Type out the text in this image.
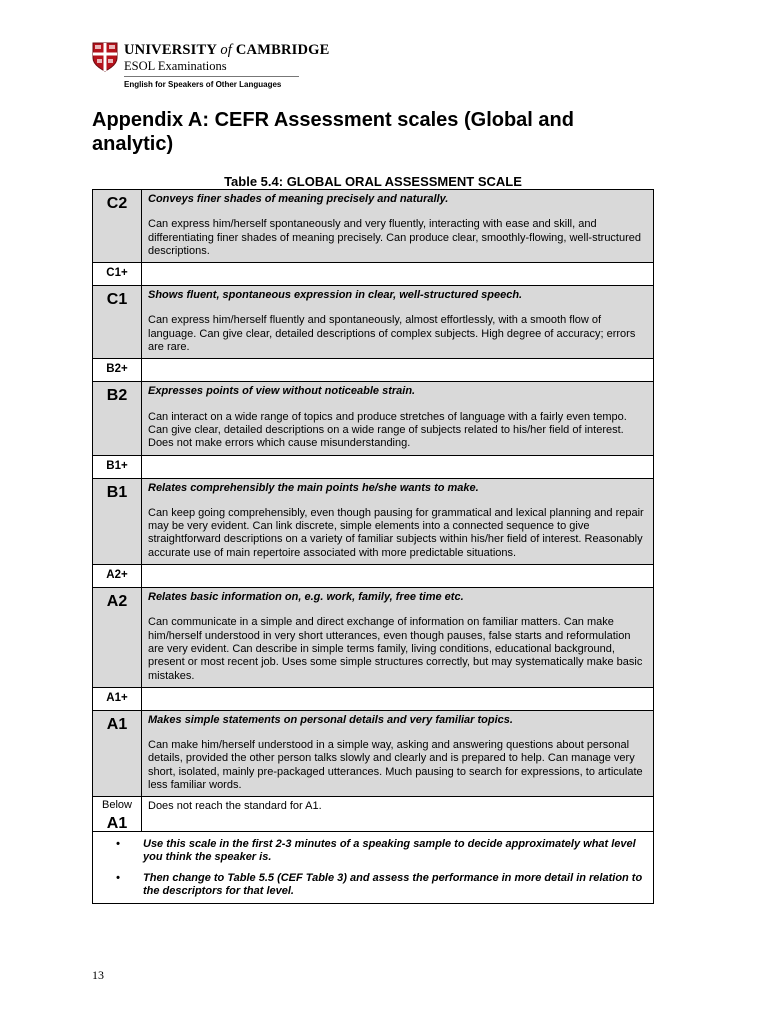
UNIVERSITY of CAMBRIDGE
ESOL Examinations
English for Speakers of Other Languages
Appendix A: CEFR Assessment scales (Global and analytic)
Table 5.4: GLOBAL ORAL ASSESSMENT SCALE
C2	Conveys finer shades of meaning precisely and naturally.
Can express him/herself spontaneously and very fluently, interacting with ease and skill, and differentiating finer shades of meaning precisely. Can produce clear, smoothly-flowing, well-structured descriptions.

C1+	
C1	Shows fluent, spontaneous expression in clear, well-structured speech.
Can express him/herself fluently and spontaneously, almost effortlessly, with a smooth flow of language. Can give clear, detailed descriptions of complex subjects. High degree of accuracy; errors are rare.

B2+	
B2	Expresses points of view without noticeable strain.
Can interact on a wide range of topics and produce stretches of language with a fairly even tempo. Can give clear, detailed descriptions on a wide range of subjects related to his/her field of interest. Does not make errors which cause misunderstanding.

B1+	
B1	Relates comprehensibly the main points he/she wants to make.
Can keep going comprehensibly, even though pausing for grammatical and lexical planning and repair may be very evident. Can link discrete, simple elements into a connected sequence to give straightforward descriptions on a variety of familiar subjects within his/her field of interest. Reasonably accurate use of main repertoire associated with more predictable situations.

A2+	
A2	Relates basic information on, e.g. work, family, free time etc.
Can communicate in a simple and direct exchange of information on familiar matters. Can make him/herself understood in very short utterances, even though pauses, false starts and reformulation are very evident. Can describe in simple terms family, living conditions, educational background, present or most recent job. Uses some simple structures correctly, but may systematically make basic mistakes.

A1+	
A1	Makes simple statements on personal details and very familiar topics.
Can make him/herself understood in a simple way, asking and answering questions about personal details, provided the other person talks slowly and clearly and is prepared to help. Can manage very short, isolated, mainly pre-packaged utterances. Much pausing to search for expressions, to articulate less familiar words.

Below
A1	Does not reach the standard for A1.

• Use this scale in the first 2-3 minutes of a speaking sample to decide approximately what level you think the speaker is.
• Then change to Table 5.5 (CEF Table 3) and assess the performance in more detail in relation to the descriptors for that level.	
13
